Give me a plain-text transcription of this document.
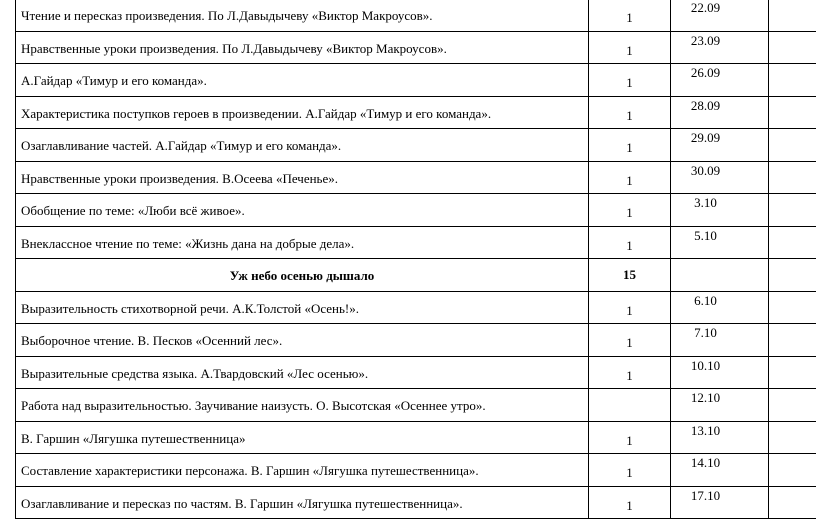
Чтение и пересказ произведения. По Л.Давыдычеву «Виктор Макроусов».	1	22.09	

Нравственные уроки произведения. По Л.Давыдычеву «Виктор Макроусов».	1	23.09	

А.Гайдар «Тимур и его команда».	1	26.09	

Характеристика поступков героев в произведении. А.Гайдар «Тимур и его команда».	1	28.09	

Озаглавливание частей. А.Гайдар «Тимур и его команда».	1	29.09	

Нравственные уроки произведения. В.Осеева «Печенье».	1	30.09	

Обобщение по теме: «Люби всё живое».	1	3.10	

Внеклассное чтение по теме: «Жизнь дана на добрые дела».	1	5.10	

Уж небо осенью дышало	15		

Выразительность стихотворной речи. А.К.Толстой «Осень!».	1	6.10	

Выборочное чтение. В. Песков «Осенний лес».	1	7.10	

Выразительные средства языка. А.Твардовский «Лес осенью».	1	10.10	

Работа над выразительностью. Заучивание наизусть. О. Высотская «Осеннее утро».		12.10	

В. Гаршин «Лягушка путешественница»	1	13.10	

Составление характеристики персонажа. В. Гаршин «Лягушка путешественница».	1	14.10	

Озаглавливание и пересказ по частям. В. Гаршин «Лягушка путешественница».	1	17.10	
